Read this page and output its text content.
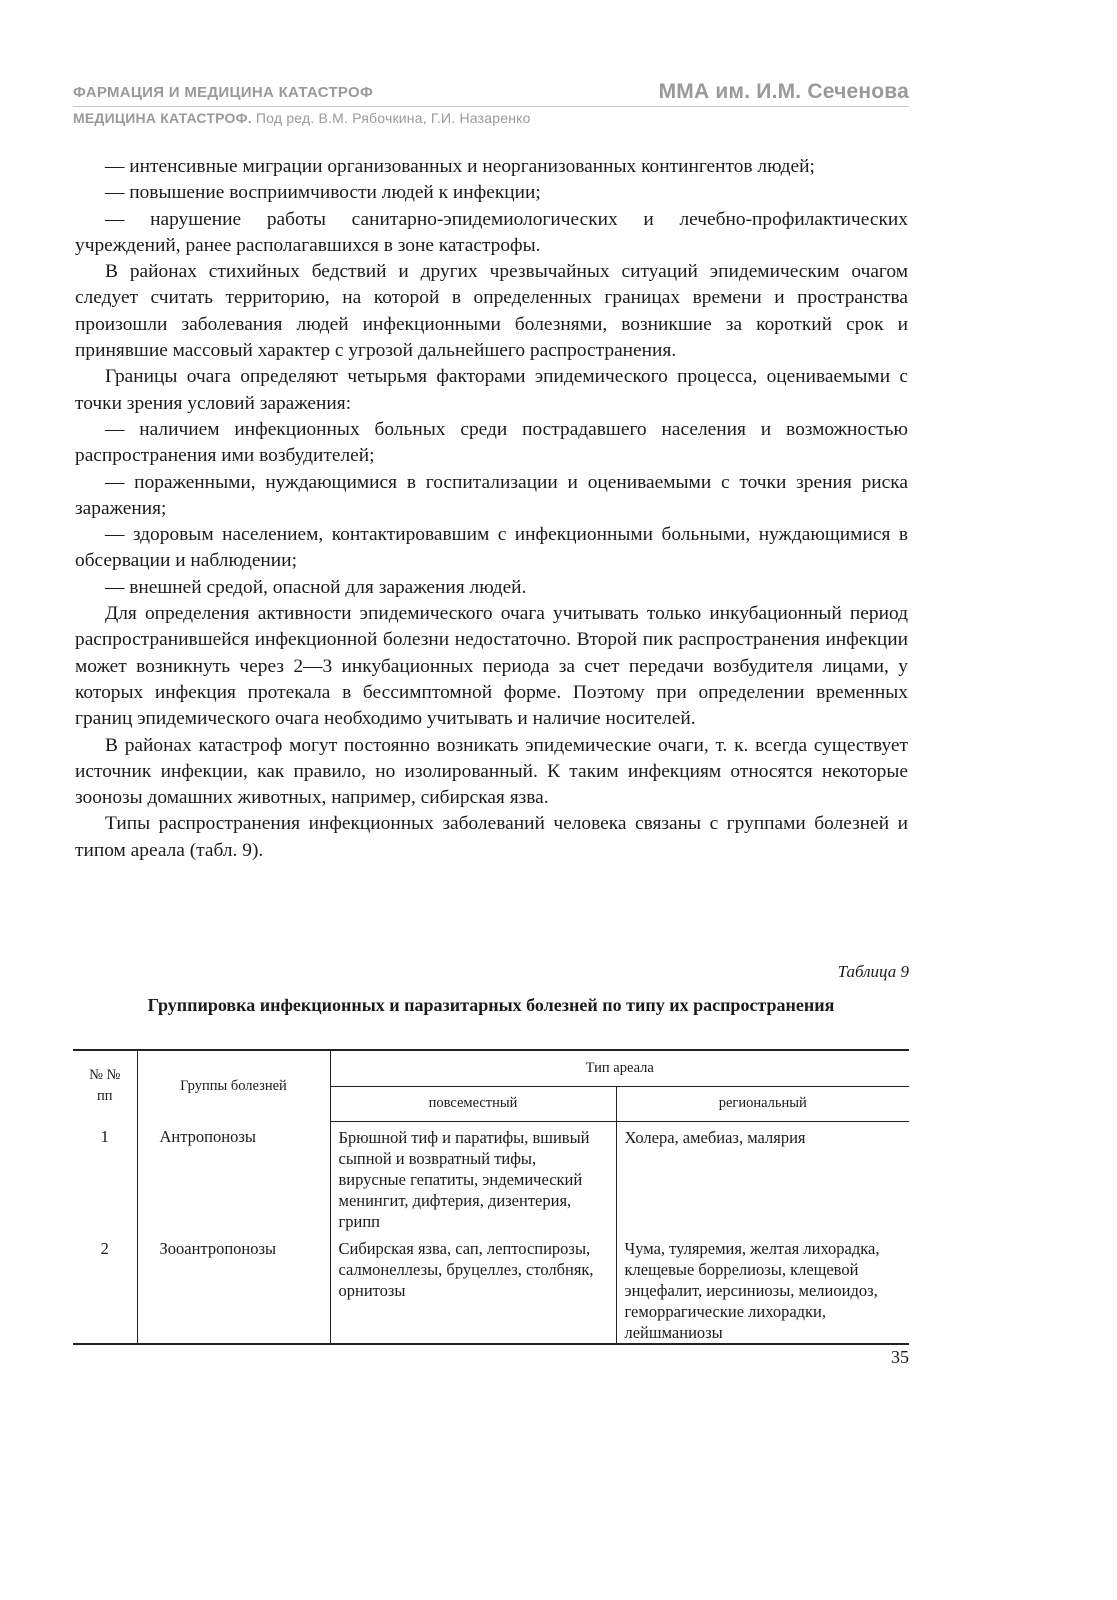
ФАРМАЦИЯ И МЕДИЦИНА КАТАСТРОФ	ММА им. И.М. Сеченова
МЕДИЦИНА КАТАСТРОФ. Под ред. В.М. Рябочкина, Г.И. Назаренко

— интенсивные миграции организованных и неорганизованных контингентов людей;

— повышение восприимчивости людей к инфекции;

— нарушение работы санитарно-эпидемиологических и лечебно-профилактических учреждений, ранее располагавшихся в зоне катастрофы.

В районах стихийных бедствий и других чрезвычайных ситуаций эпидемическим очагом следует считать территорию, на которой в определенных границах времени и пространства произошли заболевания людей инфекционными болезнями, возникшие за короткий срок и принявшие массовый характер с угрозой дальнейшего распространения.

Границы очага определяют четырьмя факторами эпидемического процесса, оцениваемыми с точки зрения условий заражения:

— наличием инфекционных больных среди пострадавшего населения и возможностью распространения ими возбудителей;

— пораженными, нуждающимися в госпитализации и оцениваемыми с точки зрения риска заражения;

— здоровым населением, контактировавшим с инфекционными больными, нуждающимися в обсервации и наблюдении;

— внешней средой, опасной для заражения людей.

Для определения активности эпидемического очага учитывать только инкубационный период распространившейся инфекционной болезни недостаточно. Второй пик распространения инфекции может возникнуть через 2—3 инкубационных периода за счет передачи возбудителя лицами, у которых инфекция протекала в бессимптомной форме. Поэтому при определении временных границ эпидемического очага необходимо учитывать и наличие носителей.

В районах катастроф могут постоянно возникать эпидемические очаги, т. к. всегда существует источник инфекции, как правило, но изолированный. К таким инфекциям относятся некоторые зоонозы домашних животных, например, сибирская язва.

Типы распространения инфекционных заболеваний человека связаны с группами болезней и типом ареала (табл. 9).

Таблица 9
Группировка инфекционных и паразитарных болезней по типу их распространения
№ № пп	Группы болезней	Тип ареала	
		повсеместный	региональный
1	Антропонозы	Брюшной тиф и паратифы, вшивый сыпной и возвратный тифы, вирусные гепатиты, эндемический менингит, дифтерия, дизентерия, грипп	Холера, амебиаз, малярия
2	Зооантропонозы	Сибирская язва, сап, лептоспирозы, салмонеллезы, бруцеллез, столбняк, орнитозы	Чума, туляремия, желтая лихорадка, клещевые боррелиозы, клещевой энцефалит, иерсиниозы, мелиоидоз, геморрагические лихорадки, лейшманиозы
35
